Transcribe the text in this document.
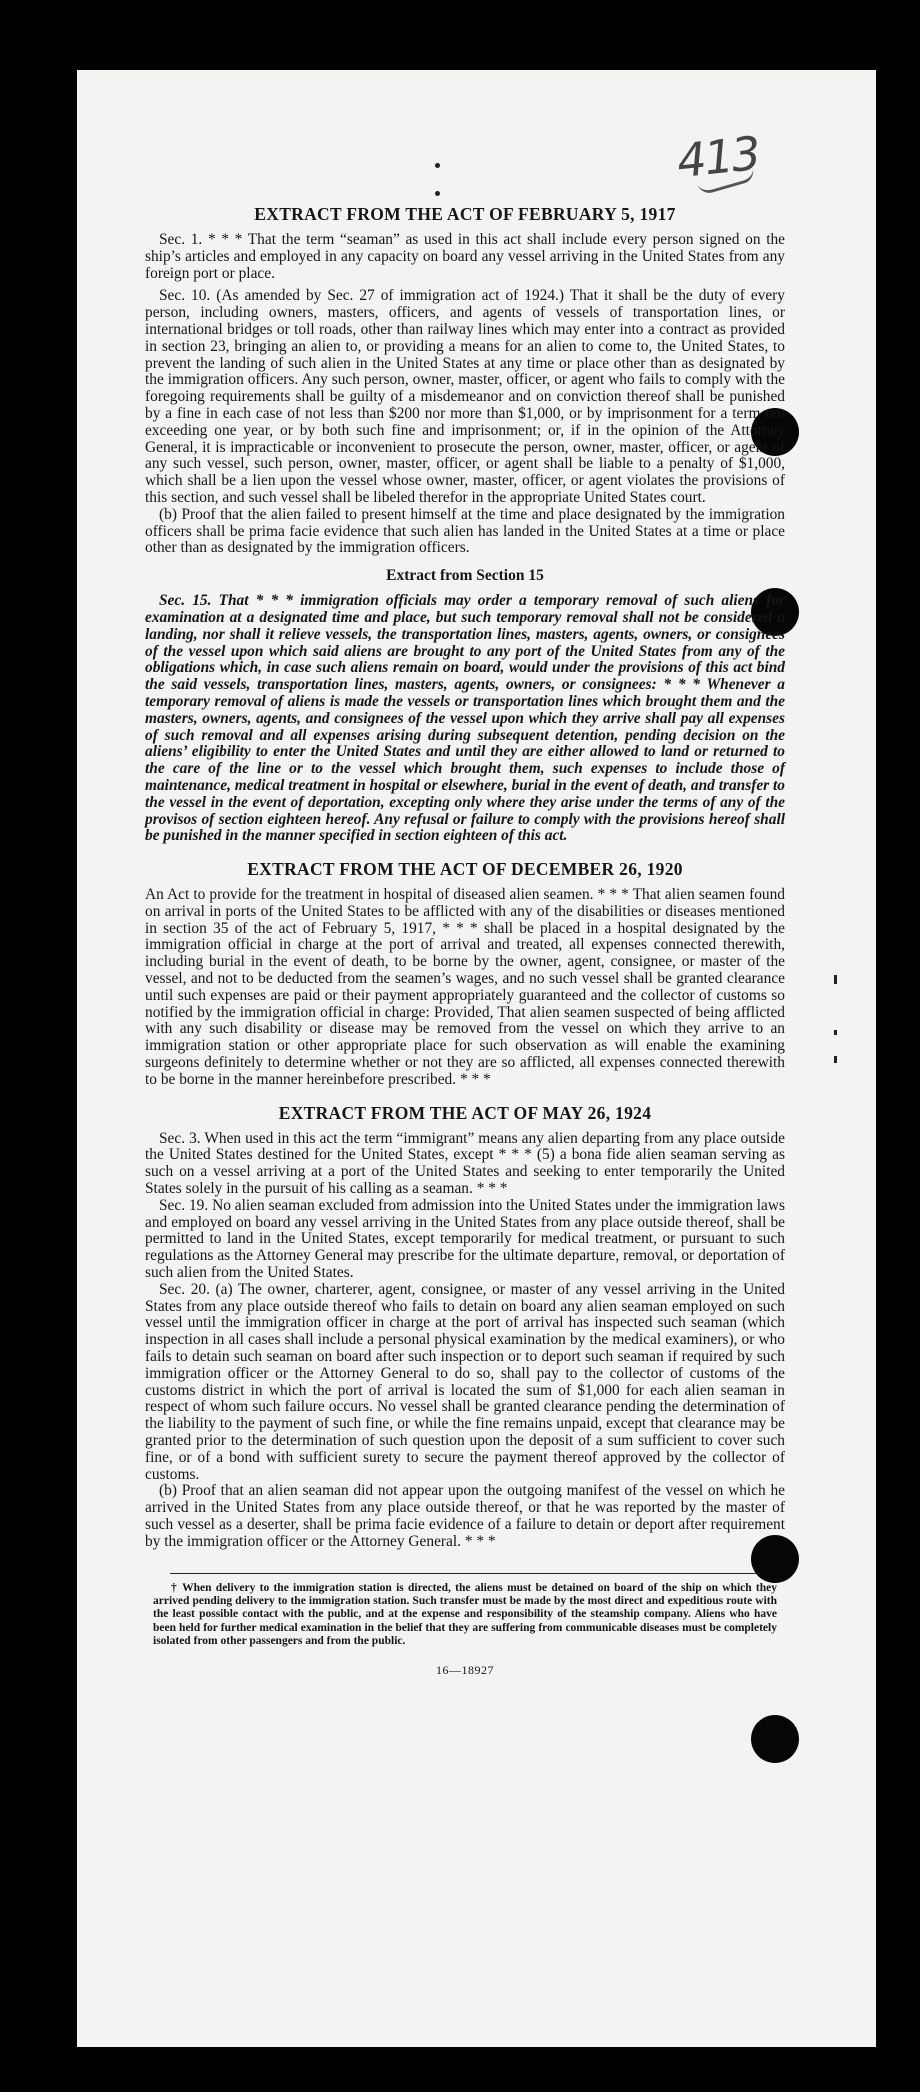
413
EXTRACT FROM THE ACT OF FEBRUARY 5, 1917

Sec. 1. * * * That the term “seaman” as used in this act shall include every person signed on the ship’s articles and employed in any capacity on board any vessel arriving in the United States from any foreign port or place.

Sec. 10. (As amended by Sec. 27 of immigration act of 1924.) That it shall be the duty of every person, including owners, masters, officers, and agents of vessels of transportation lines, or international bridges or toll roads, other than railway lines which may enter into a contract as provided in section 23, bringing an alien to, or providing a means for an alien to come to, the United States, to prevent the landing of such alien in the United States at any time or place other than as designated by the immigration officers. Any such person, owner, master, officer, or agent who fails to comply with the foregoing requirements shall be guilty of a misdemeanor and on conviction thereof shall be punished by a fine in each case of not less than $200 nor more than $1,000, or by imprisonment for a term not exceeding one year, or by both such fine and imprisonment; or, if in the opinion of the Attorney General, it is impracticable or inconvenient to prosecute the person, owner, master, officer, or agent of any such vessel, such person, owner, master, officer, or agent shall be liable to a penalty of $1,000, which shall be a lien upon the vessel whose owner, master, officer, or agent violates the provisions of this section, and such vessel shall be libeled therefor in the appropriate United States court.

(b) Proof that the alien failed to present himself at the time and place designated by the immigration officers shall be prima facie evidence that such alien has landed in the United States at a time or place other than as designated by the immigration officers.

Extract from Section 15

Sec. 15. That * * * immigration officials may order a temporary removal of such aliens for examination at a designated time and place, but such temporary removal shall not be considered a landing, nor shall it relieve vessels, the transportation lines, masters, agents, owners, or consignees of the vessel upon which said aliens are brought to any port of the United States from any of the obligations which, in case such aliens remain on board, would under the provisions of this act bind the said vessels, transportation lines, masters, agents, owners, or consignees: * * * Whenever a temporary removal of aliens is made the vessels or transportation lines which brought them and the masters, owners, agents, and consignees of the vessel upon which they arrive shall pay all expenses of such removal and all expenses arising during subsequent detention, pending decision on the aliens’ eligibility to enter the United States and until they are either allowed to land or returned to the care of the line or to the vessel which brought them, such expenses to include those of maintenance, medical treatment in hospital or elsewhere, burial in the event of death, and transfer to the vessel in the event of deportation, excepting only where they arise under the terms of any of the provisos of section eighteen hereof. Any refusal or failure to comply with the provisions hereof shall be punished in the manner specified in section eighteen of this act.

EXTRACT FROM THE ACT OF DECEMBER 26, 1920

An Act to provide for the treatment in hospital of diseased alien seamen. * * * That alien seamen found on arrival in ports of the United States to be afflicted with any of the disabilities or diseases mentioned in section 35 of the act of February 5, 1917, * * * shall be placed in a hospital designated by the immigration official in charge at the port of arrival and treated, all expenses connected therewith, including burial in the event of death, to be borne by the owner, agent, consignee, or master of the vessel, and not to be deducted from the seamen’s wages, and no such vessel shall be granted clearance until such expenses are paid or their payment appropriately guaranteed and the collector of customs so notified by the immigration official in charge: Provided, That alien seamen suspected of being afflicted with any such disability or disease may be removed from the vessel on which they arrive to an immigration station or other appropriate place for such observation as will enable the examining surgeons definitely to determine whether or not they are so afflicted, all expenses connected therewith to be borne in the manner hereinbefore prescribed. * * *

EXTRACT FROM THE ACT OF MAY 26, 1924

Sec. 3. When used in this act the term “immigrant” means any alien departing from any place outside the United States destined for the United States, except * * * (5) a bona fide alien seaman serving as such on a vessel arriving at a port of the United States and seeking to enter temporarily the United States solely in the pursuit of his calling as a seaman. * * *

Sec. 19. No alien seaman excluded from admission into the United States under the immigration laws and employed on board any vessel arriving in the United States from any place outside thereof, shall be permitted to land in the United States, except temporarily for medical treatment, or pursuant to such regulations as the Attorney General may prescribe for the ultimate departure, removal, or deportation of such alien from the United States.

Sec. 20. (a) The owner, charterer, agent, consignee, or master of any vessel arriving in the United States from any place outside thereof who fails to detain on board any alien seaman employed on such vessel until the immigration officer in charge at the port of arrival has inspected such seaman (which inspection in all cases shall include a personal physical examination by the medical examiners), or who fails to detain such seaman on board after such inspection or to deport such seaman if required by such immigration officer or the Attorney General to do so, shall pay to the collector of customs of the customs district in which the port of arrival is located the sum of $1,000 for each alien seaman in respect of whom such failure occurs. No vessel shall be granted clearance pending the determination of the liability to the payment of such fine, or while the fine remains unpaid, except that clearance may be granted prior to the determination of such question upon the deposit of a sum sufficient to cover such fine, or of a bond with sufficient surety to secure the payment thereof approved by the collector of customs.

(b) Proof that an alien seaman did not appear upon the outgoing manifest of the vessel on which he arrived in the United States from any place outside thereof, or that he was reported by the master of such vessel as a deserter, shall be prima facie evidence of a failure to detain or deport after requirement by the immigration officer or the Attorney General. * * *

† When delivery to the immigration station is directed, the aliens must be detained on board of the ship on which they arrived pending delivery to the immigration station. Such transfer must be made by the most direct and expeditious route with the least possible contact with the public, and at the expense and responsibility of the steamship company. Aliens who have been held for further medical examination in the belief that they are suffering from communicable diseases must be completely isolated from other passengers and from the public.

16—18927
